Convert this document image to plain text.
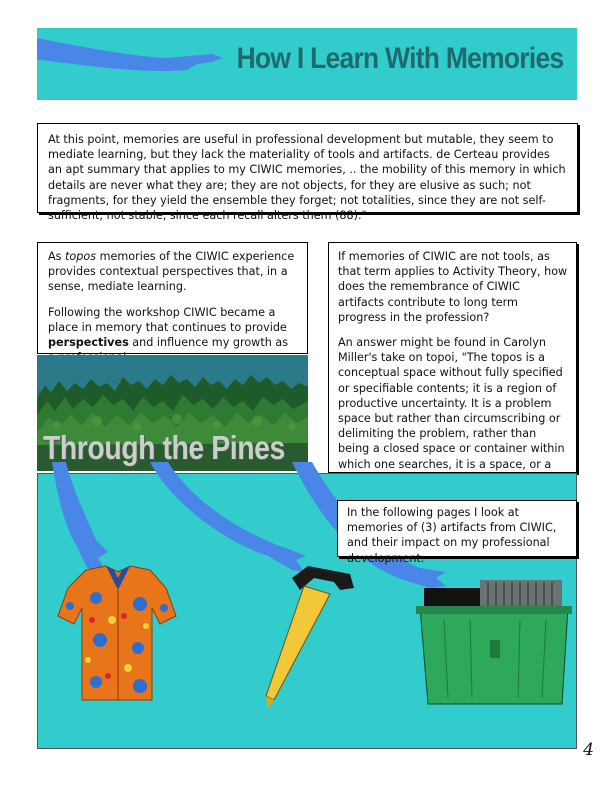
How I Learn With Memories
At this point, memories are useful in professional development but mutable, they seem to mediate learning, but they lack the materiality of tools and artifacts. de Certeau provides an apt summary that applies to my CIWIC memories, .. the mobility of this memory in which details are never what they are; they are not objects, for they are elusive as such; not fragments, for they yield the ensemble they forget; not totalities, since they are not self-sufficient; not stable, since each recall alters them (88)."

As topos memories of the CIWIC experience provides contextual perspectives that, in a sense, mediate learning.

Following the workshop CIWIC became a place in memory that continues to provide perspectives and influence my growth as

Through the Pines

If memories of CIWIC are not tools, as that term applies to Activity Theory, how does the remembrance of CIWIC artifacts contribute to long term progress in the profession?

An answer might be found in Carolyn Miller's take on topoi, "The topos is a conceptual space without fully specified or specifiable contents; it is a region of productive uncertainty. It is a problem space but rather than circumscribing or delimiting the problem, rather than being a closed space or container within which one searches, it is a space, or a

In the following pages I look at memories of (3) artifacts from CIWIC, and their impact on my professional development.
4
